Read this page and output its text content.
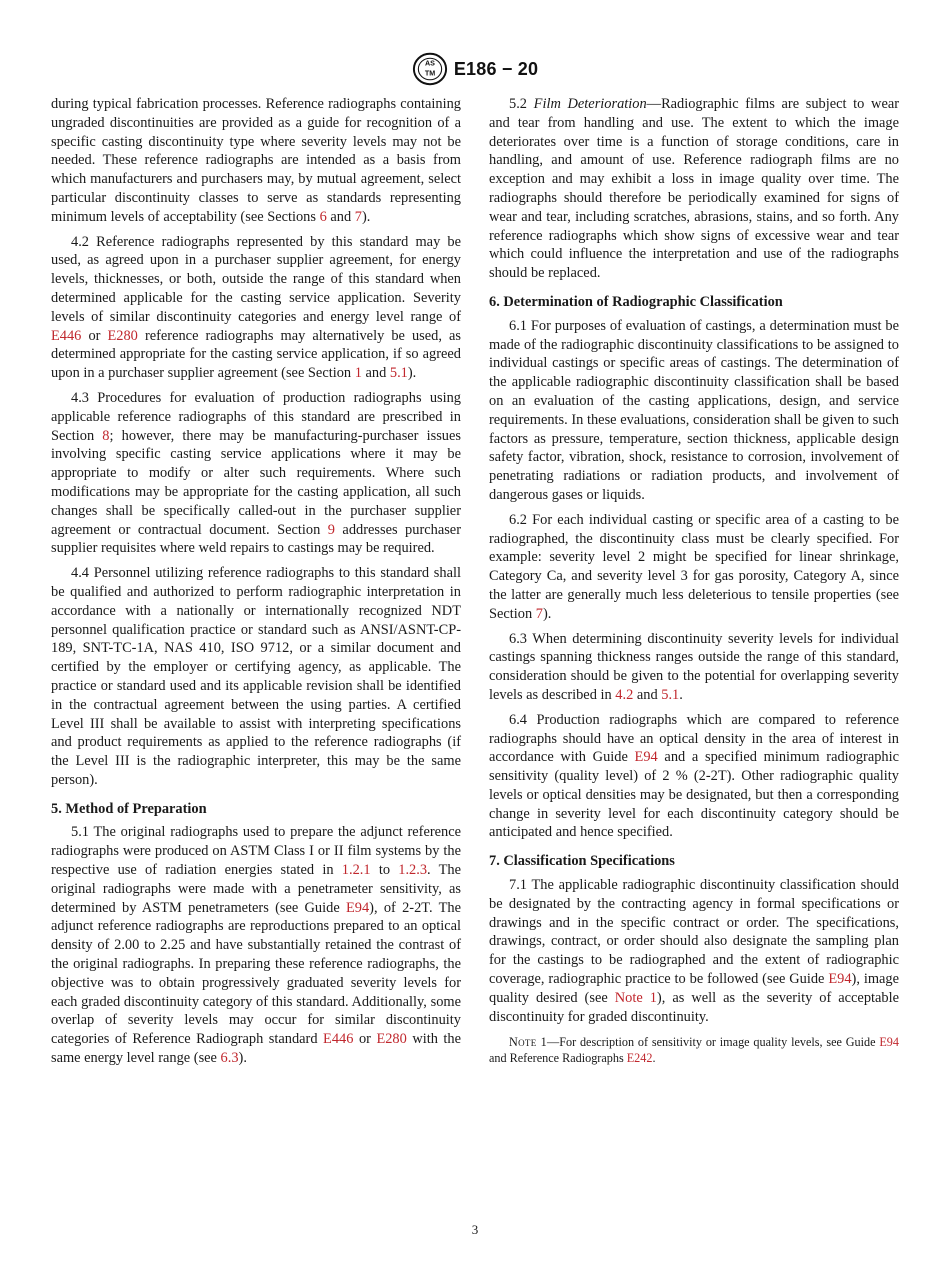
AS
TM E186 − 20

during typical fabrication processes. Reference radiographs containing ungraded discontinuities are provided as a guide for recognition of a specific casting discontinuity type where severity levels may not be needed. These reference radiographs are intended as a basis from which manufacturers and purchasers may, by mutual agreement, select particular discontinuity classes to serve as standards representing minimum levels of acceptability (see Sections 6 and 7).

4.2 Reference radiographs represented by this standard may be used, as agreed upon in a purchaser supplier agreement, for energy levels, thicknesses, or both, outside the range of this standard when determined applicable for the casting service application. Severity levels of similar discontinuity categories and energy level range of E446 or E280 reference radiographs may alternatively be used, as determined appropriate for the casting service application, if so agreed upon in a purchaser supplier agreement (see Section 1 and 5.1).

4.3 Procedures for evaluation of production radiographs using applicable reference radiographs of this standard are prescribed in Section 8; however, there may be manufacturing-purchaser issues involving specific casting service applications where it may be appropriate to modify or alter such requirements. Where such modifications may be appropriate for the casting application, all such changes shall be specifically called-out in the purchaser supplier agreement or contractual document. Section 9 addresses purchaser supplier requisites where weld repairs to castings may be required.

4.4 Personnel utilizing reference radiographs to this standard shall be qualified and authorized to perform radiographic interpretation in accordance with a nationally or internationally recognized NDT personnel qualification practice or standard such as ANSI/ASNT-CP-189, SNT-TC-1A, NAS 410, ISO 9712, or a similar document and certified by the employer or certifying agency, as applicable. The practice or standard used and its applicable revision shall be identified in the contractual agreement between the using parties. A certified Level III shall be available to assist with interpreting specifications and product requirements as applied to the reference radiographs (if the Level III is the radiographic interpreter, this may be the same person).

5. Method of Preparation

5.1 The original radiographs used to prepare the adjunct reference radiographs were produced on ASTM Class I or II film systems by the respective use of radiation energies stated in 1.2.1 to 1.2.3. The original radiographs were made with a penetrameter sensitivity, as determined by ASTM penetrameters (see Guide E94), of 2-2T. The adjunct reference radiographs are reproductions prepared to an optical density of 2.00 to 2.25 and have substantially retained the contrast of the original radiographs. In preparing these reference radiographs, the objective was to obtain progressively graduated severity levels for each graded discontinuity category of this standard. Additionally, some overlap of severity levels may occur for similar discontinuity categories of Reference Radiograph standard E446 or E280 with the same energy level range (see 6.3).

5.2 Film Deterioration—Radiographic films are subject to wear and tear from handling and use. The extent to which the image deteriorates over time is a function of storage conditions, care in handling, and amount of use. Reference radiograph films are no exception and may exhibit a loss in image quality over time. The radiographs should therefore be periodically examined for signs of wear and tear, including scratches, abrasions, stains, and so forth. Any reference radiographs which show signs of excessive wear and tear which could influence the interpretation and use of the radiographs should be replaced.

6. Determination of Radiographic Classification

6.1 For purposes of evaluation of castings, a determination must be made of the radiographic discontinuity classifications to be assigned to individual castings or specific areas of castings. The determination of the applicable radiographic discontinuity classification shall be based on an evaluation of the casting applications, design, and service requirements. In these evaluations, consideration shall be given to such factors as pressure, temperature, section thickness, applicable design safety factor, vibration, shock, resistance to corrosion, involvement of penetrating radiations or radiation products, and involvement of dangerous gases or liquids.

6.2 For each individual casting or specific area of a casting to be radiographed, the discontinuity class must be clearly specified. For example: severity level 2 might be specified for linear shrinkage, Category Ca, and severity level 3 for gas porosity, Category A, since the latter are generally much less deleterious to tensile properties (see Section 7).

6.3 When determining discontinuity severity levels for individual castings spanning thickness ranges outside the range of this standard, consideration should be given to the potential for overlapping severity levels as described in 4.2 and 5.1.

6.4 Production radiographs which are compared to reference radiographs should have an optical density in the area of interest in accordance with Guide E94 and a specified minimum radiographic sensitivity (quality level) of 2 % (2-2T). Other radiographic quality levels or optical densities may be designated, but then a corresponding change in severity level for each discontinuity category should be anticipated and hence specified.

7. Classification Specifications

7.1 The applicable radiographic discontinuity classification should be designated by the contracting agency in formal specifications or drawings and in the specific contract or order. The specifications, drawings, contract, or order should also designate the sampling plan for the castings to be radiographed and the extent of radiographic coverage, radiographic practice to be followed (see Guide E94), image quality desired (see Note 1), as well as the severity of acceptable discontinuity for graded discontinuity.

Note 1—For description of sensitivity or image quality levels, see Guide E94 and Reference Radiographs E242.

3
